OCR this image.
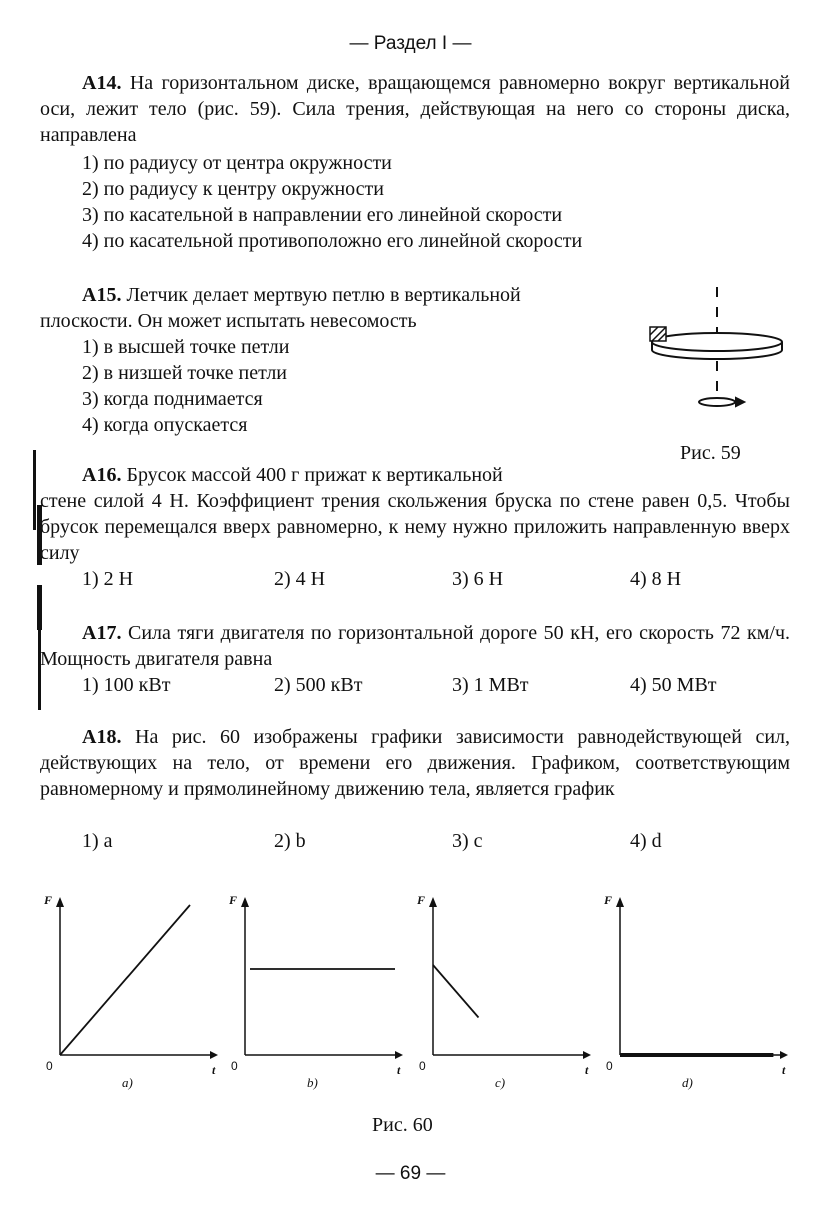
— Раздел I —

А14. На горизонтальном диске, вращающемся равномерно вокруг вертикальной оси, лежит тело (рис. 59). Сила трения, действующая на него со стороны диска, направлена

1) по радиусу от центра окружности
2) по радиусу к центру окружности
3) по касательной в направлении его линейной скорости
4) по касательной противоположно его линейной скорости
А15. Летчик делает мертвую петлю в вертикальной
плоскости. Он может испытать невесомость
1) в высшей точке петли
2) в низшей точке петли
3) когда поднимается
4) когда опускается
Рис. 59
А16. Брусок массой 400 г прижат к вертикальной

стене силой 4 Н. Коэффициент трения скольжения бруска по стене равен 0,5. Чтобы брусок перемещался вверх равномерно, к нему нужно приложить направленную вверх силу

1) 2 Н	2) 4 Н	3) 6 Н	4) 8 Н

А17. Сила тяги двигателя по горизонтальной дороге 50 кН, его скорость 72 км/ч. Мощность двигателя равна

1) 100 кВт	2) 500 кВт	3) 1 МВт	4) 50 МВт

А18. На рис. 60 изображены графики зависимости равнодействующей сил, действующих на тело, от времени его движения. Графиком, соответствующим равномерному и прямолинейному движению тела, является график

1) a	2) b	3) c	4) d
F
t
0
a)
F
t
0
b)
F
t
0
c)
F
t
0
d)
Рис. 60
— 69 —
